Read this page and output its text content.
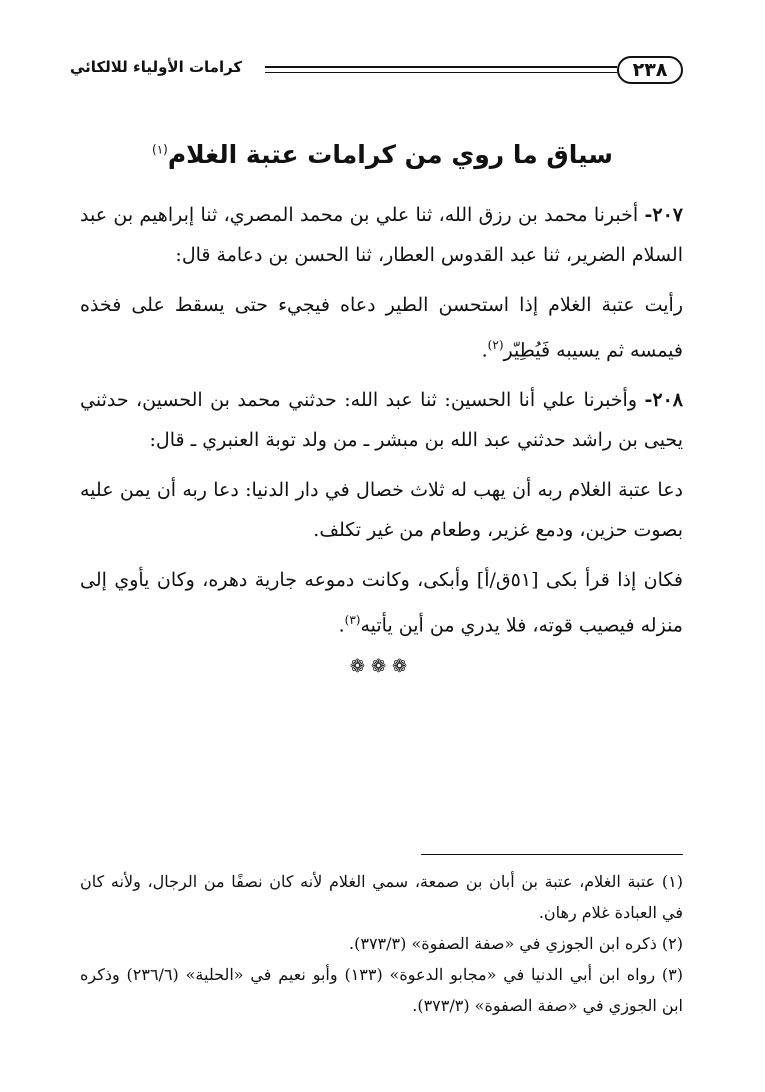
٢٣٨
كرامات الأولياء للالكائي
سياق ما روي من كرامات عتبة الغلام$^{(١)}$

٢٠٧- أخبرنا محمد بن رزق الله، ثنا علي بن محمد المصري، ثنا إبراهيم بن عبد السلام الضرير، ثنا عبد القدوس العطار، ثنا الحسن بن دعامة قال:

رأيت عتبة الغلام إذا استحسن الطير دعاه فيجيء حتى يسقط على فخذه فيمسه ثم يسيبه فَيُطِيّر$^{(٢)}$.

٢٠٨- وأخبرنا علي أنا الحسين: ثنا عبد الله: حدثني محمد بن الحسين، حدثني يحيى بن راشد حدثني عبد الله بن مبشر ـ من ولد توبة العنبري ـ قال:

دعا عتبة الغلام ربه أن يهب له ثلاث خصال في دار الدنيا: دعا ربه أن يمن عليه بصوت حزين، ودمع غزير، وطعام من غير تكلف.

فكان إذا قرأ بكى [٥١ق/أ] وأبكى، وكانت دموعه جارية دهره، وكان يأوي إلى منزله فيصيب قوته، فلا يدري من أين يأتيه$^{(٣)}$.

❁❁❁

(١) عتبة الغلام، عتبة بن أبان بن صمعة، سمي الغلام لأنه كان نصفًا من الرجال، ولأنه كان في العبادة غلام رهان.

(٢) ذكره ابن الجوزي في «صفة الصفوة» (٣٧٣/٣).

(٣) رواه ابن أبي الدنيا في «مجابو الدعوة» (١٣٣) وأبو نعيم في «الحلية» (٢٣٦/٦) وذكره ابن الجوزي في «صفة الصفوة» (٣٧٣/٣).
